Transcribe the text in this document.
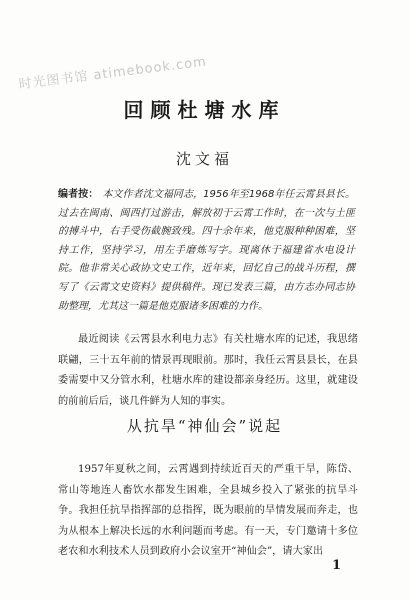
时光图书馆 atimebook.com
回顾杜塘水库
沈文福
编者按： 本文作者沈文福同志，1956年至1968年任云霄县县长。过去在闽南、闽西打过游击，解放初于云霄工作时，在一次与土匪的搏斗中，右手受伤截腕致残。四十余年来，他克服种种困难，坚持工作，坚持学习，用左手磨炼写字。现离休于福建省水电设计院。他非常关心政协文史工作，近年来，回忆自己的战斗历程，撰写了《云霄文史资料》提供稿件。现已发表三篇，由方志办同志协助整理，尤其这一篇是他克服诸多困难的力作。
最近阅读《云霄县水利电力志》有关杜塘水库的记述，我思绪联翩，三十五年前的情景再现眼前。那时，我任云霄县县长，在县委需要中又分管水利，杜塘水库的建设都亲身经历。这里，就建设的前前后后，谈几件鲜为人知的事实。
从抗旱“神仙会”说起
1957年夏秋之间，云霄遇到持续近百天的严重干旱，陈岱、常山等地连人畜饮水都发生困难，全县城乡投入了紧张的抗旱斗争。我担任抗旱指挥部的总指挥，既为眼前的旱情发展而奔走，也为从根本上解决长远的水利问题而考虑。有一天，专门邀请十多位老农和水利技术人员到政府小会议室开“神仙会”，请大家出
1
